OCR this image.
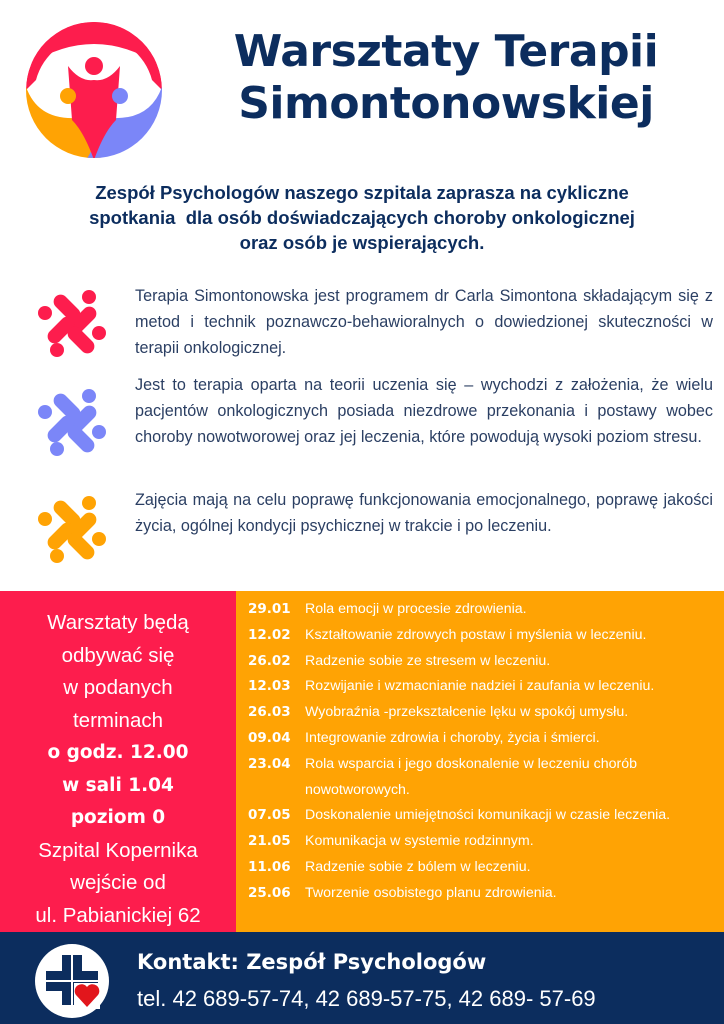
Warsztaty Terapii
Simontonowskiej
Zespół Psychologów naszego szpitala zaprasza na cykliczne
spotkania  dla osób doświadczających choroby onkologicznej
oraz osób je wspierających.
Terapia Simontonowska jest programem dr Carla Simontona składającym się z metod i technik poznawczo-behawioralnych o dowiedzionej skuteczności w terapii onkologicznej.
Jest to terapia oparta na teorii uczenia się – wychodzi z założenia, że wielu pacjentów onkologicznych posiada niezdrowe przekonania i postawy wobec choroby nowotworowej oraz jej leczenia, które powodują wysoki poziom stresu.
Zajęcia mają na celu poprawę funkcjonowania emocjonalnego, poprawę jakości życia, ogólnej kondycji psychicznej w trakcie i po leczeniu.
Warsztaty będą
odbywać się
w podanych
terminach
o godz. 12.00
w sali 1.04
poziom 0
Szpital Kopernika
wejście od
ul. Pabianickiej 62
29.01	Rola emocji w procesie zdrowienia.
12.02	Kształtowanie zdrowych postaw i myślenia w leczeniu.
26.02	Radzenie sobie ze stresem w leczeniu.
12.03	Rozwijanie i wzmacnianie nadziei i zaufania w leczeniu.
26.03	Wyobraźnia -przekształcenie lęku w spokój umysłu.
09.04	Integrowanie zdrowia i choroby, życia i śmierci.
23.04	Rola wsparcia i jego doskonalenie w leczeniu chorób nowotworowych.
07.05	Doskonalenie umiejętności komunikacji w czasie leczenia.
21.05	Komunikacja w systemie rodzinnym.
11.06	Radzenie sobie z bólem w leczeniu.
25.06	Tworzenie osobistego planu zdrowienia.
Kontakt: Zespół Psychologów
tel. 42 689-57-74, 42 689-57-75, 42 689- 57-69
